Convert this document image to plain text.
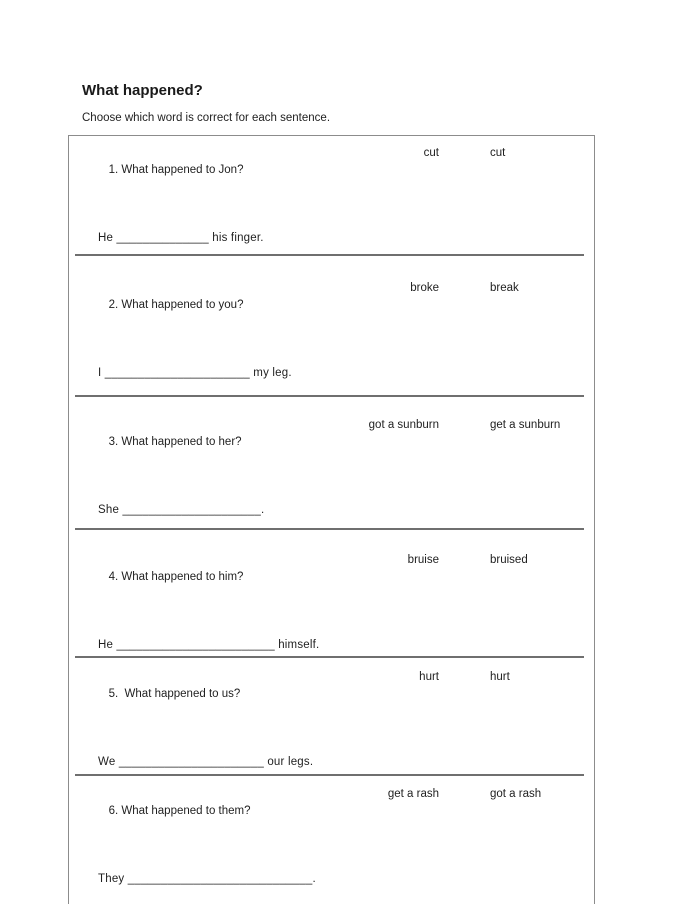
What happened?

Choose which word is correct for each sentence.

1. What happened to Jon?

cut

	cut

He ______________ his finger.

2. What happened to you?

broke

	break

I ______________________ my leg.

3. What happened to her?

got a sunburn

	get a sunburn

She _____________________.

4. What happened to him?

bruise

	bruised

He ________________________ himself.

5.  What happened to us?

hurt

	hurt

We ______________________ our legs.

6. What happened to them?

get a rash

	got a rash

They ____________________________.
